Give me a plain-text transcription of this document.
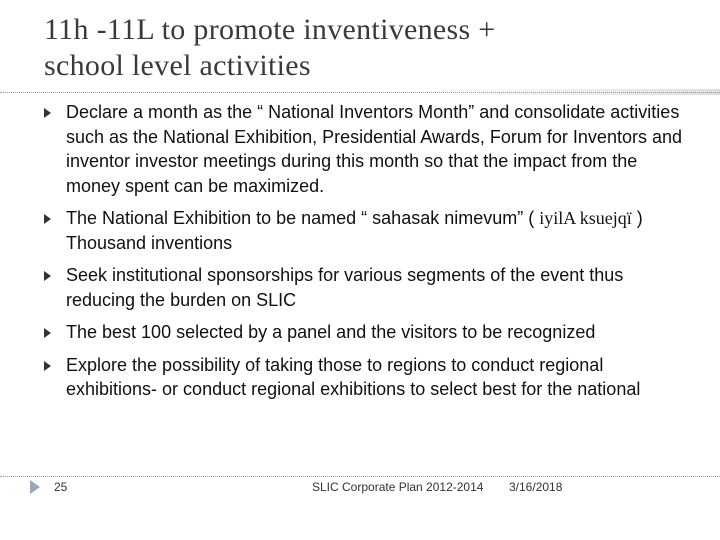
11h -11L to promote inventiveness +
school level activities
Declare a month as the “ National Inventors Month” and consolidate activities such as the National Exhibition, Presidential Awards, Forum for Inventors and inventor investor meetings during this month so that the impact from the money spent can be maximized.
The National Exhibition to be named “ sahasak nimevum” ( iyilA ksuejqï ) Thousand inventions
Seek institutional sponsorships for various segments of the event thus reducing the burden on SLIC
The best 100 selected by a panel and the visitors to be recognized
Explore the possibility of taking those to regions to conduct regional exhibitions- or conduct regional exhibitions to select best for the national
25	SLIC Corporate Plan 2012-2014 3/16/2018
